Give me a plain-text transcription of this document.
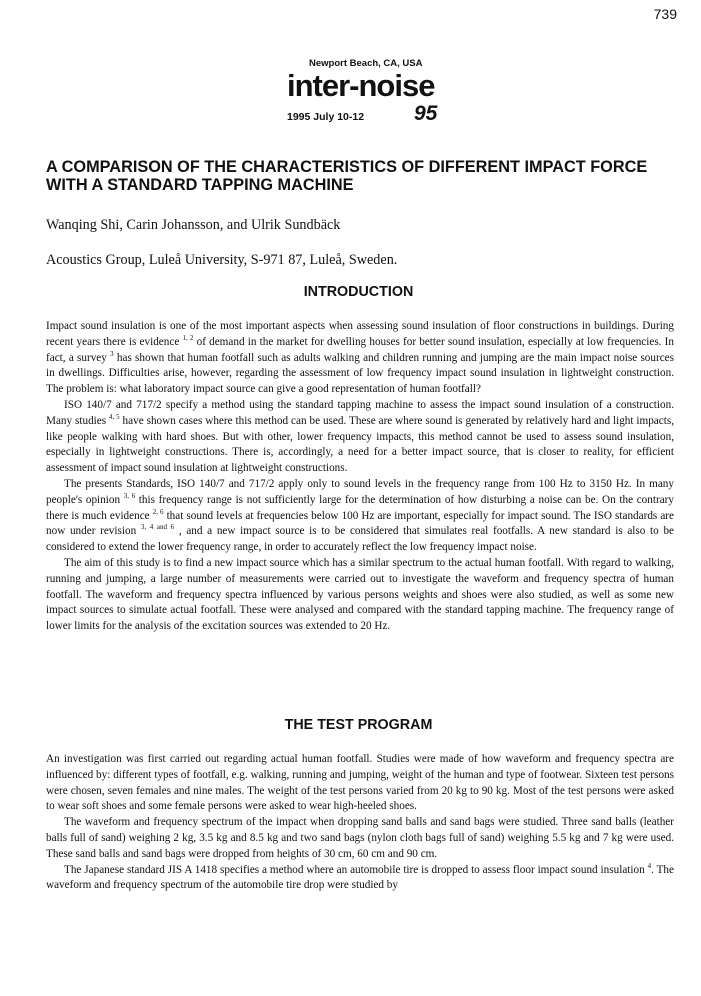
739
Newport Beach, CA, USA
inter-noise
1995 July 10-12 95
A COMPARISON OF THE CHARACTERISTICS OF DIFFERENT IMPACT FORCE WITH A STANDARD TAPPING MACHINE

Wanqing Shi, Carin Johansson, and Ulrik Sundbäck

Acoustics Group, Luleå University, S-971 87, Luleå, Sweden.

INTRODUCTION

Impact sound insulation is one of the most important aspects when assessing sound insulation of floor constructions in buildings. During recent years there is evidence $^{1, 2}$ of demand in the market for dwelling houses for better sound insulation, especially at low frequencies. In fact, a survey $^3$ has shown that human footfall such as adults walking and children running and jumping are the main impact noise sources in dwellings. Difficulties arise, however, regarding the assessment of low frequency impact sound insulation in lightweight construction. The problem is: what laboratory impact source can give a good representation of human footfall?

ISO 140/7 and 717/2 specify a method using the standard tapping machine to assess the impact sound insulation of a construction. Many studies $^{4, 5}$ have shown cases where this method can be used. These are where sound is generated by relatively hard and light impacts, like people walking with hard shoes. But with other, lower frequency impacts, this method cannot be used to assess sound insulation, especially in lightweight constructions. There is, accordingly, a need for a better impact source, that is closer to reality, for efficient assessment of impact sound insulation at lightweight constructions.

The presents Standards, ISO 140/7 and 717/2 apply only to sound levels in the frequency range from 100 Hz to 3150 Hz. In many people's opinion $^{3, 6}$ this frequency range is not sufficiently large for the determination of how disturbing a noise can be. On the contrary there is much evidence $^{2, 6}$ that sound levels at frequencies below 100 Hz are important, especially for impact sound. The ISO standards are now under revision $^{3, 4 and 6}$ , and a new impact source is to be considered that simulates real footfalls. A new standard is also to be considered to extend the lower frequency range, in order to accurately reflect the low frequency impact noise.

The aim of this study is to find a new impact source which has a similar spectrum to the actual human footfall. With regard to walking, running and jumping, a large number of measurements were carried out to investigate the waveform and frequency spectra of human footfall. The waveform and frequency spectra influenced by various persons weights and shoes were also studied, as well as some new impact sources to simulate actual footfall. These were analysed and compared with the standard tapping machine. The frequency range of lower limits for the analysis of the excitation sources was extended to 20 Hz.

THE TEST PROGRAM

An investigation was first carried out regarding actual human footfall. Studies were made of how waveform and frequency spectra are influenced by: different types of footfall, e.g. walking, running and jumping, weight of the human and type of footwear. Sixteen test persons were chosen, seven females and nine males. The weight of the test persons varied from 20 kg to 90 kg. Most of the test persons were asked to wear soft shoes and some female persons were asked to wear high-heeled shoes.

The waveform and frequency spectrum of the impact when dropping sand balls and sand bags were studied. Three sand balls (leather balls full of sand) weighing 2 kg, 3.5 kg and 8.5 kg and two sand bags (nylon cloth bags full of sand) weighing 5.5 kg and 7 kg were used. These sand balls and sand bags were dropped from heights of 30 cm, 60 cm and 90 cm.

The Japanese standard JIS A 1418 specifies a method where an automobile tire is dropped to assess floor impact sound insulation $^4$. The waveform and frequency spectrum of the automobile tire drop were studied by
